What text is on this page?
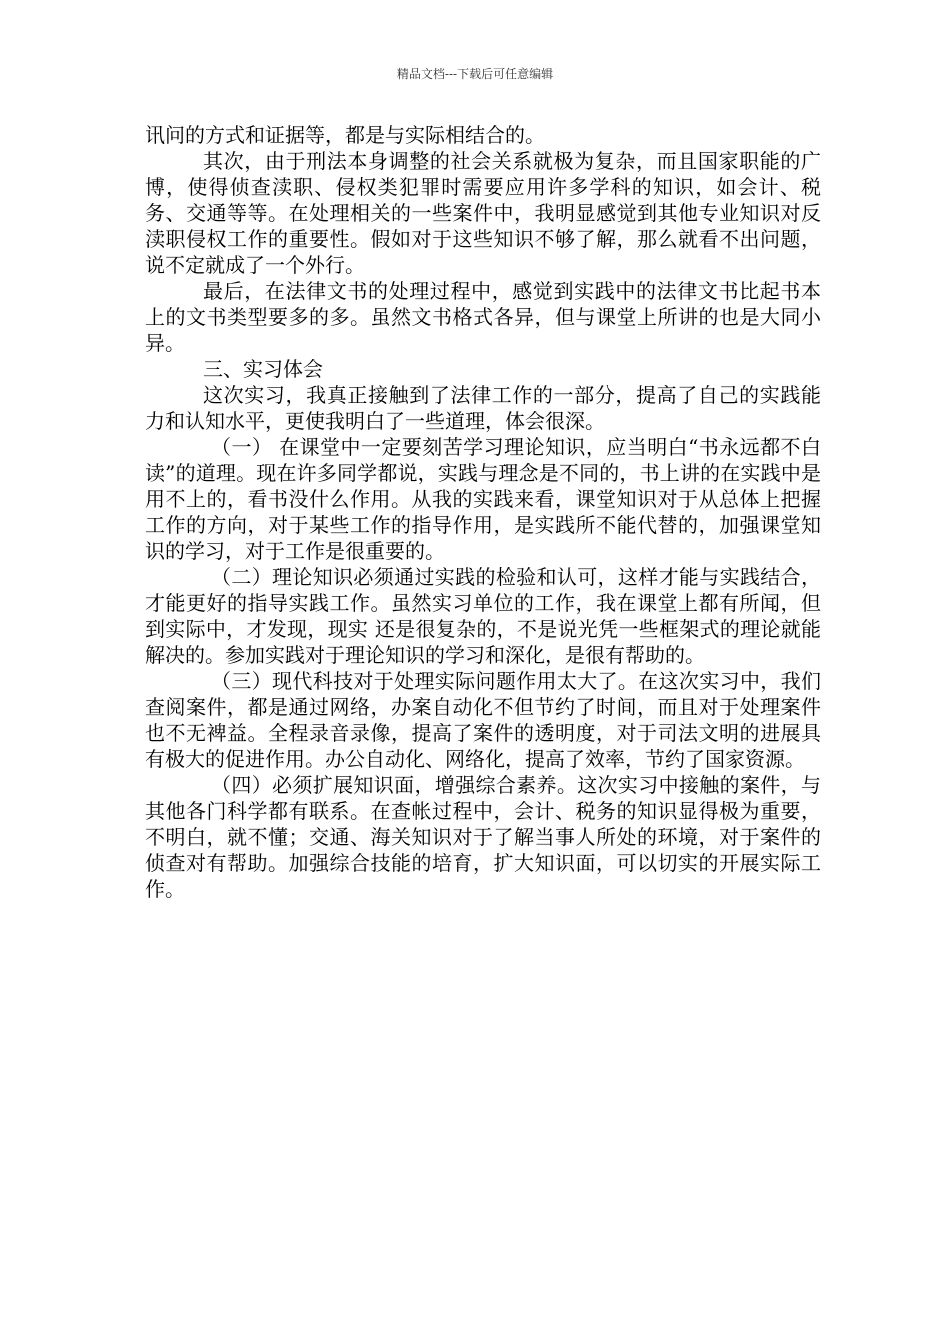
精品文档---下载后可任意编辑

讯问的方式和证据等，都是与实际相结合的。

其次，由于刑法本身调整的社会关系就极为复杂，而且国家职能的广博，使得侦查渎职、侵权类犯罪时需要应用许多学科的知识，如会计、税务、交通等等。在处理相关的一些案件中，我明显感觉到其他专业知识对反渎职侵权工作的重要性。假如对于这些知识不够了解，那么就看不出问题，说不定就成了一个外行。

最后，在法律文书的处理过程中，感觉到实践中的法律文书比起书本上的文书类型要多的多。虽然文书格式各异，但与课堂上所讲的也是大同小异。

三、实习体会

这次实习，我真正接触到了法律工作的一部分，提高了自己的实践能力和认知水平，更使我明白了一些道理，体会很深。

（一） 在课堂中一定要刻苦学习理论知识，应当明白“书永远都不白读”的道理。现在许多同学都说，实践与理念是不同的，书上讲的在实践中是用不上的，看书没什么作用。从我的实践来看，课堂知识对于从总体上把握工作的方向，对于某些工作的指导作用，是实践所不能代替的，加强课堂知识的学习，对于工作是很重要的。

（二）理论知识必须通过实践的检验和认可，这样才能与实践结合，才能更好的指导实践工作。虽然实习单位的工作，我在课堂上都有所闻，但到实际中，才发现，现实 还是很复杂的，不是说光凭一些框架式的理论就能解决的。参加实践对于理论知识的学习和深化，是很有帮助的。

（三）现代科技对于处理实际问题作用太大了。在这次实习中，我们查阅案件，都是通过网络，办案自动化不但节约了时间，而且对于处理案件也不无裨益。全程录音录像，提高了案件的透明度，对于司法文明的进展具有极大的促进作用。办公自动化、网络化，提高了效率，节约了国家资源。

（四）必须扩展知识面，增强综合素养。这次实习中接触的案件，与其他各门科学都有联系。在查帐过程中，会计、税务的知识显得极为重要，不明白，就不懂；交通、海关知识对于了解当事人所处的环境，对于案件的侦查对有帮助。加强综合技能的培育，扩大知识面，可以切实的开展实际工作。
